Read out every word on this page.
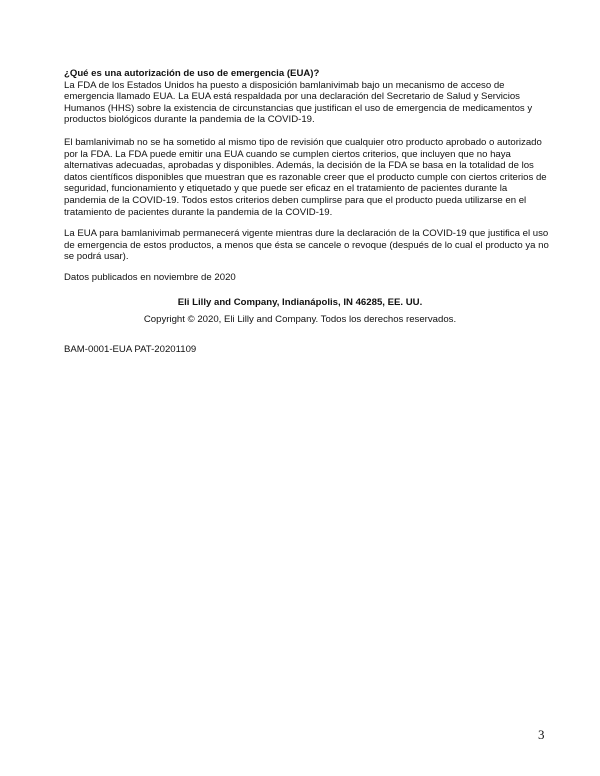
¿Qué es una autorización de uso de emergencia (EUA)?
La FDA de los Estados Unidos ha puesto a disposición bamlanivimab bajo un mecanismo de acceso de
emergencia llamado EUA. La EUA está respaldada por una declaración del Secretario de Salud y Servicios
Humanos (HHS) sobre la existencia de circunstancias que justifican el uso de emergencia de medicamentos y
productos biológicos durante la pandemia de la COVID-19.
El bamlanivimab no se ha sometido al mismo tipo de revisión que cualquier otro producto aprobado o autorizado
por la FDA. La FDA puede emitir una EUA cuando se cumplen ciertos criterios, que incluyen que no haya
alternativas adecuadas, aprobadas y disponibles. Además, la decisión de la FDA se basa en la totalidad de los
datos científicos disponibles que muestran que es razonable creer que el producto cumple con ciertos criterios de
seguridad, funcionamiento y etiquetado y que puede ser eficaz en el tratamiento de pacientes durante la
pandemia de la COVID-19. Todos estos criterios deben cumplirse para que el producto pueda utilizarse en el
tratamiento de pacientes durante la pandemia de la COVID-19.
La EUA para bamlanivimab permanecerá vigente mientras dure la declaración de la COVID-19 que justifica el uso
de emergencia de estos productos, a menos que ésta se cancele o revoque (después de lo cual el producto ya no
se podrá usar).
Datos publicados en noviembre de 2020
Eli Lilly and Company, Indianápolis, IN 46285, EE. UU.
Copyright © 2020, Eli Lilly and Company. Todos los derechos reservados.
BAM-0001-EUA PAT-20201109
3
